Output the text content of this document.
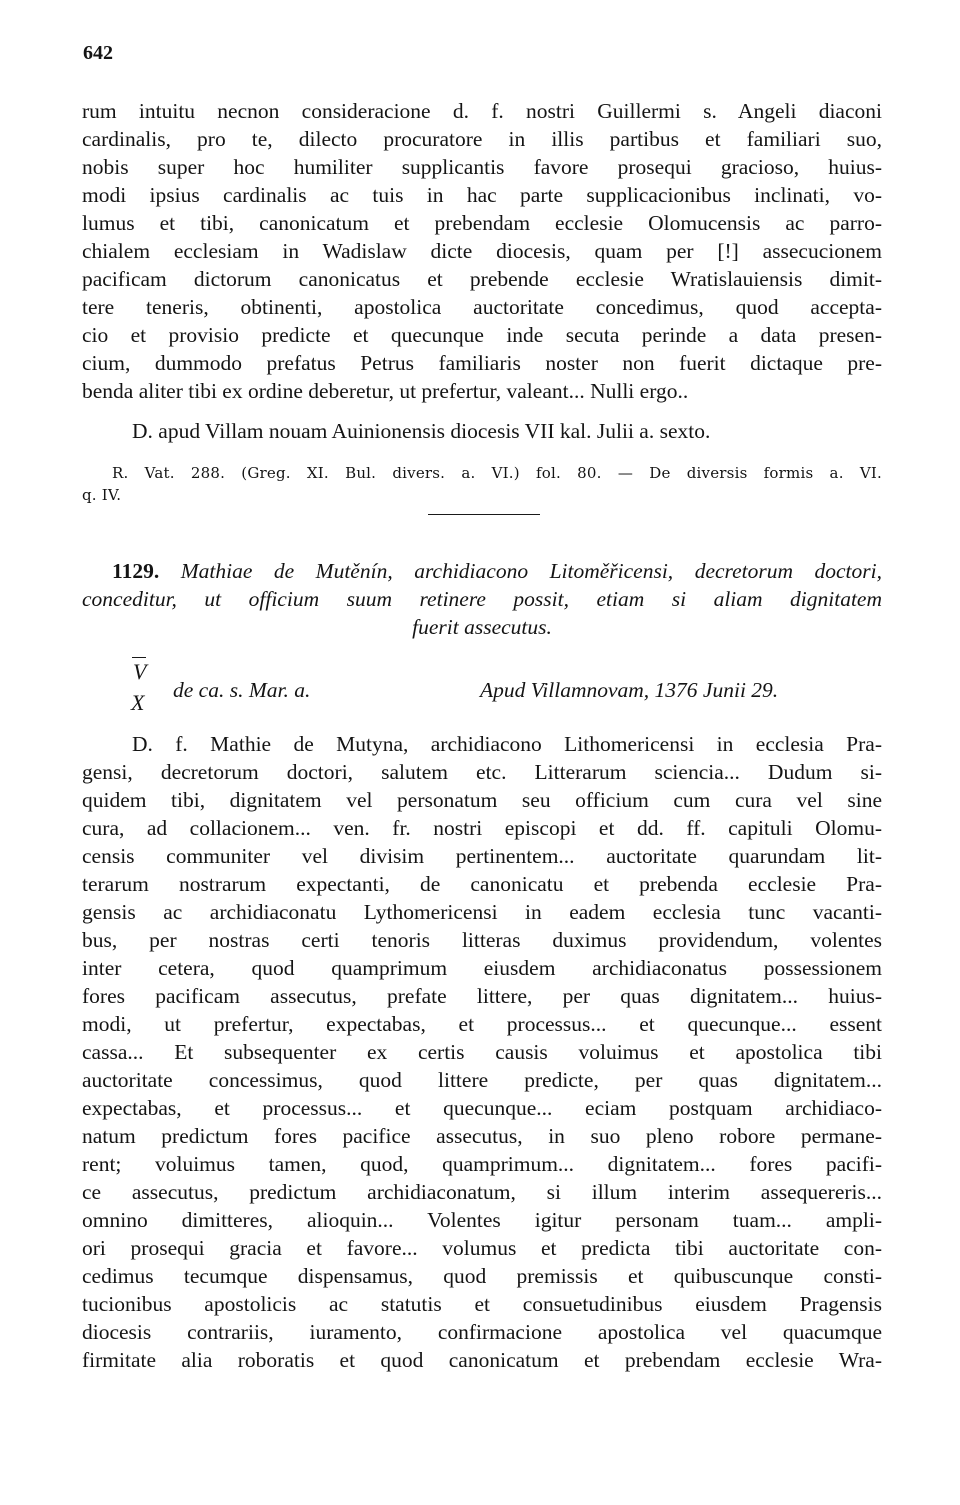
642
rum intuitu necnon consideracione d. f. nostri Guillermi s. Angeli diaconi
cardinalis, pro te, dilecto procuratore in illis partibus et familiari suo,
nobis super hoc humiliter supplicantis favore prosequi gracioso, huius-
modi ipsius cardinalis ac tuis in hac parte supplicacionibus inclinati, vo-
lumus et tibi, canonicatum et prebendam ecclesie Olomucensis ac parro-
chialem ecclesiam in Wadislaw dicte diocesis, quam per [!] assecucionem
pacificam dictorum canonicatus et prebende ecclesie Wratislauiensis dimit-
tere teneris, obtinenti, apostolica auctoritate concedimus, quod accepta-
cio et provisio predicte et quecunque inde secuta perinde a data presen-
cium, dummodo prefatus Petrus familiaris noster non fuerit dictaque pre-
benda aliter tibi ex ordine deberetur, ut prefertur, valeant... Nulli ergo..
D. apud Villam nouam Auinionensis diocesis VII kal. Julii a. sexto.
R. Vat. 288. (Greg. XI. Bul. divers. a. VI.) fol. 80. — De diversis formis a. VI.
q. IV.
1129. Mathiae de Mutěnín, archidiacono Litoměřicensi, decretorum doctori,
conceditur, ut officium suum retinere possit, etiam si aliam dignitatem
fuerit assecutus.
V
X de ca. s. Mar. a.	Apud Villamnovam, 1376 Junii 29.
D. f. Mathie de Mutyna, archidiacono Lithomericensi in ecclesia Pra-
gensi, decretorum doctori, salutem etc. Litterarum sciencia... Dudum si-
quidem tibi, dignitatem vel personatum seu officium cum cura vel sine
cura, ad collacionem... ven. fr. nostri episcopi et dd. ff. capituli Olomu-
censis communiter vel divisim pertinentem... auctoritate quarundam lit-
terarum nostrarum expectanti, de canonicatu et prebenda ecclesie Pra-
gensis ac archidiaconatu Lythomericensi in eadem ecclesia tunc vacanti-
bus, per nostras certi tenoris litteras duximus providendum, volentes
inter cetera, quod quamprimum eiusdem archidiaconatus possessionem
fores pacificam assecutus, prefate littere, per quas dignitatem... huius-
modi, ut prefertur, expectabas, et processus... et quecunque... essent
cassa... Et subsequenter ex certis causis voluimus et apostolica tibi
auctoritate concessimus, quod littere predicte, per quas dignitatem...
expectabas, et processus... et quecunque... eciam postquam archidiaco-
natum predictum fores pacifice assecutus, in suo pleno robore permane-
rent; voluimus tamen, quod, quamprimum... dignitatem... fores pacifi-
ce assecutus, predictum archidiaconatum, si illum interim assequereris...
omnino dimitteres, alioquin... Volentes igitur personam tuam... ampli-
ori prosequi gracia et favore... volumus et predicta tibi auctoritate con-
cedimus tecumque dispensamus, quod premissis et quibuscunque consti-
tucionibus apostolicis ac statutis et consuetudinibus eiusdem Pragensis
diocesis contrariis, iuramento, confirmacione apostolica vel quacumque
firmitate alia roboratis et quod canonicatum et prebendam ecclesie Wra-
